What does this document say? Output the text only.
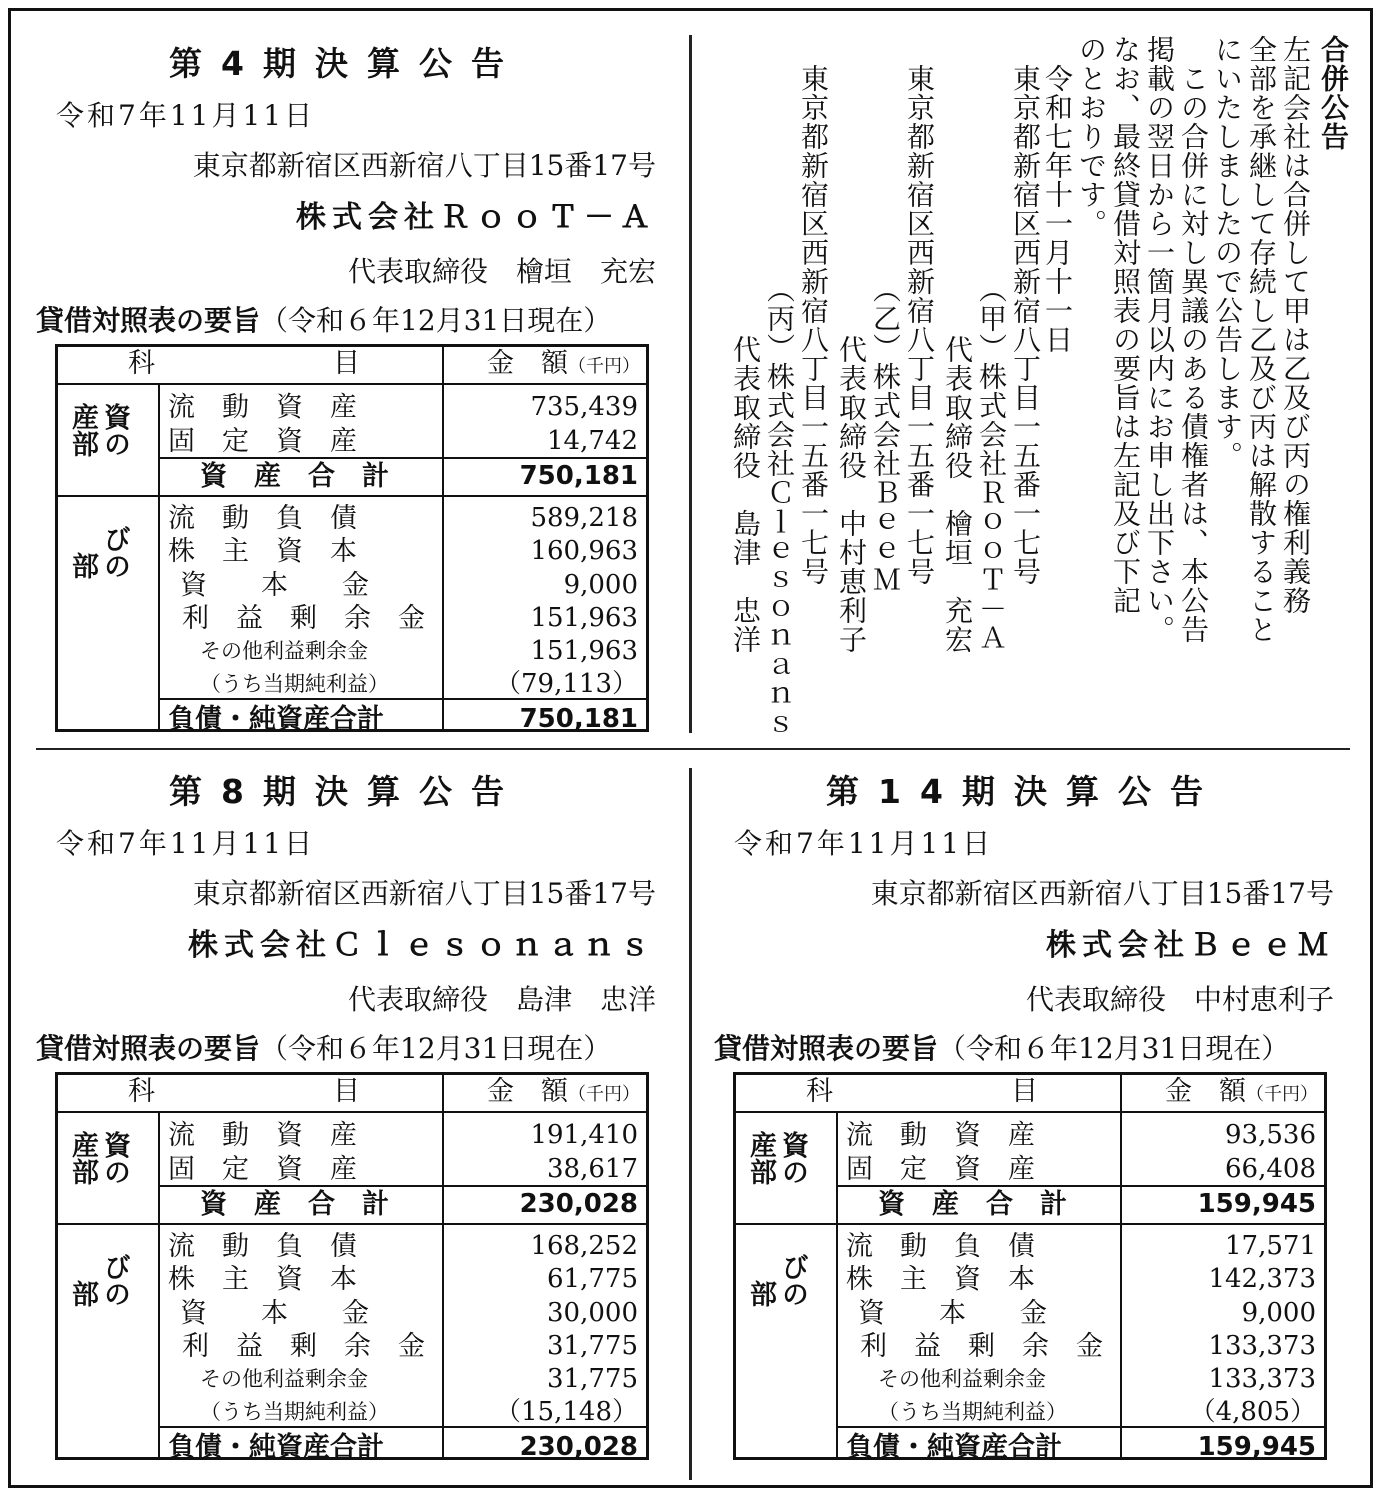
第4期決算公告
令和7年11月11日
東京都新宿区西新宿八丁目15番17号
株式会社ＲｏｏＴ－Ａ
代表取締役　檜垣　充宏
貸借対照表の要旨（令和６年12月31日現在）
科	目	金　額（千円）
産部 資の
　部 びの
流　動　資　産	735,439
固　定　資　産	14,742
資　産　合　計	750,181
流　動　負　債	589,218
株　主　資　本	160,963
資　　本　　金	9,000
利　益　剰　余　金	151,963
その他利益剰余金	151,963
（うち当期純利益）	（79,113）
負債・純資産合計	750,181
第8期決算公告
令和7年11月11日
東京都新宿区西新宿八丁目15番17号
株式会社Ｃｌｅｓｏｎａｎｓ
代表取締役　島津　忠洋
貸借対照表の要旨（令和６年12月31日現在）
科	目	金　額（千円）
産部 資の
　部 びの
流　動　資　産	191,410
固　定　資　産	38,617
資　産　合　計	230,028
流　動　負　債	168,252
株　主　資　本	61,775
資　　本　　金	30,000
利　益　剰　余　金	31,775
その他利益剰余金	31,775
（うち当期純利益）	（15,148）
負債・純資産合計	230,028
第14期決算公告
令和7年11月11日
東京都新宿区西新宿八丁目15番17号
株式会社ＢｅｅＭ
代表取締役　中村恵利子
貸借対照表の要旨（令和６年12月31日現在）
科	目	金　額（千円）
産部 資の
　部 びの
流　動　資　産	93,536
固　定　資　産	66,408
資　産　合　計	159,945
流　動　負　債	17,571
株　主　資　本	142,373
資　　本　　金	9,000
利　益　剰　余　金	133,373
その他利益剰余金	133,373
（うち当期純利益）	（4,805）
負債・純資産合計	159,945
合併公告
左記会社は合併して甲は乙及び丙の権利義務
全部を承継して存続し乙及び丙は解散すること
にいたしましたので公告します。
　この合併に対し異議のある債権者は、本公告
掲載の翌日から一箇月以内にお申し出下さい。
なお、最終貸借対照表の要旨は左記及び下記
のとおりです。
　令和七年十一月十一日
　東京都新宿区西新宿八丁目一五番一七号
（甲）株式会社ＲｏｏＴ－Ａ
代表取締役　檜垣　充宏
　東京都新宿区西新宿八丁目一五番一七号
（乙）株式会社ＢｅｅＭ
代表取締役　中村恵利子
　東京都新宿区西新宿八丁目一五番一七号
（丙）株式会社Ｃｌｅｓｏｎａｎｓ
代表取締役　島津　忠洋
